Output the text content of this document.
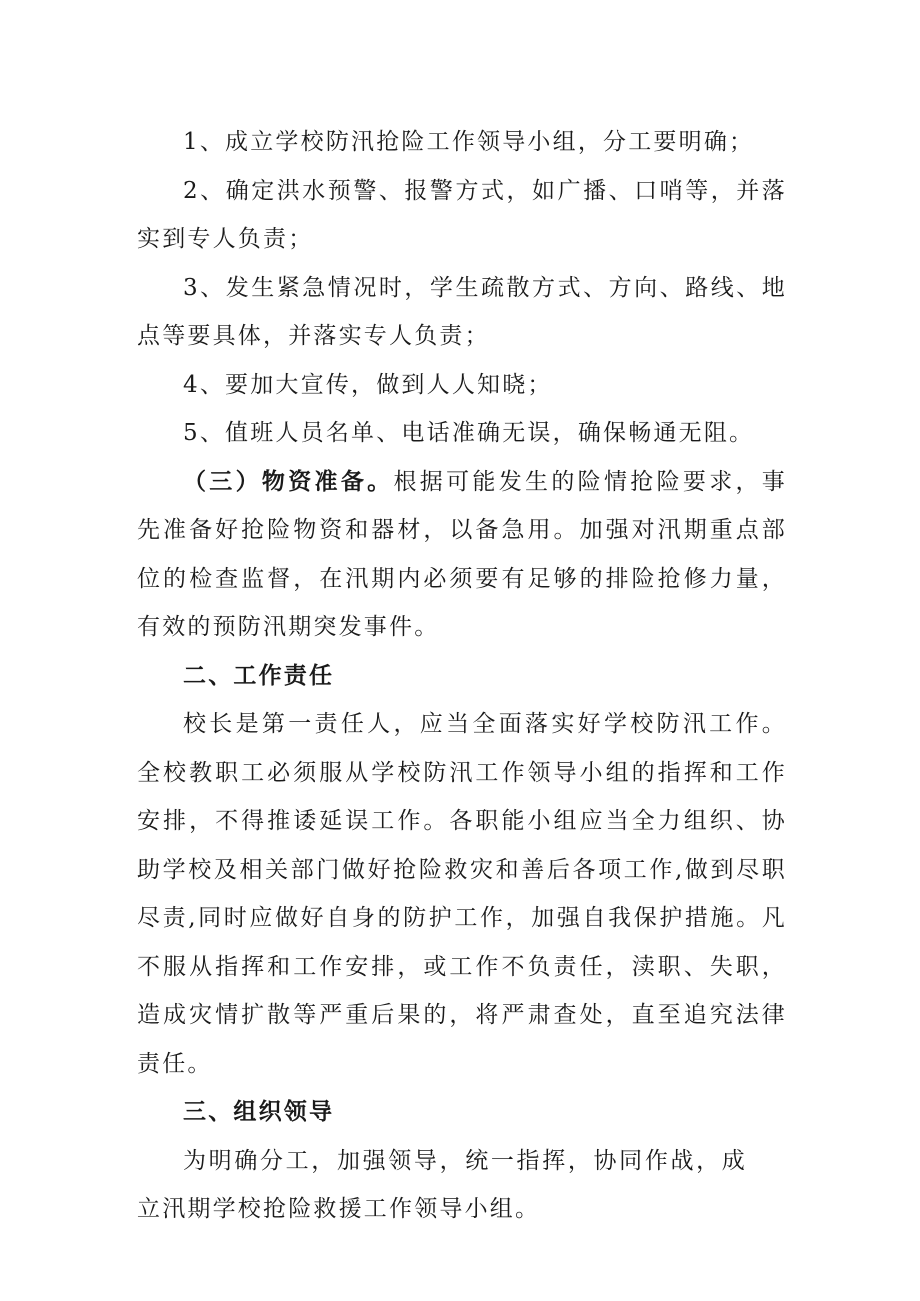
1、成立学校防汛抢险工作领导小组，分工要明确；

2、确定洪水预警、报警方式，如广播、口哨等，并落实到专人负责；

3、发生紧急情况时，学生疏散方式、方向、路线、地点等要具体，并落实专人负责；

4、要加大宣传，做到人人知晓；

5、值班人员名单、电话准确无误，确保畅通无阻。

（三）物资准备。根据可能发生的险情抢险要求，事先准备好抢险物资和器材，以备急用。加强对汛期重点部位的检查监督，在汛期内必须要有足够的排险抢修力量，有效的预防汛期突发事件。

二、工作责任

校长是第一责任人，应当全面落实好学校防汛工作。全校教职工必须服从学校防汛工作领导小组的指挥和工作安排，不得推诿延误工作。各职能小组应当全力组织、协助学校及相关部门做好抢险救灾和善后各项工作,做到尽职尽责,同时应做好自身的防护工作，加强自我保护措施。凡不服从指挥和工作安排，或工作不负责任，渎职、失职，造成灾情扩散等严重后果的，将严肃查处，直至追究法律责任。

三、组织领导

为明确分工，加强领导，统一指挥，协同作战，成立汛期学校抢险救援工作领导小组。
